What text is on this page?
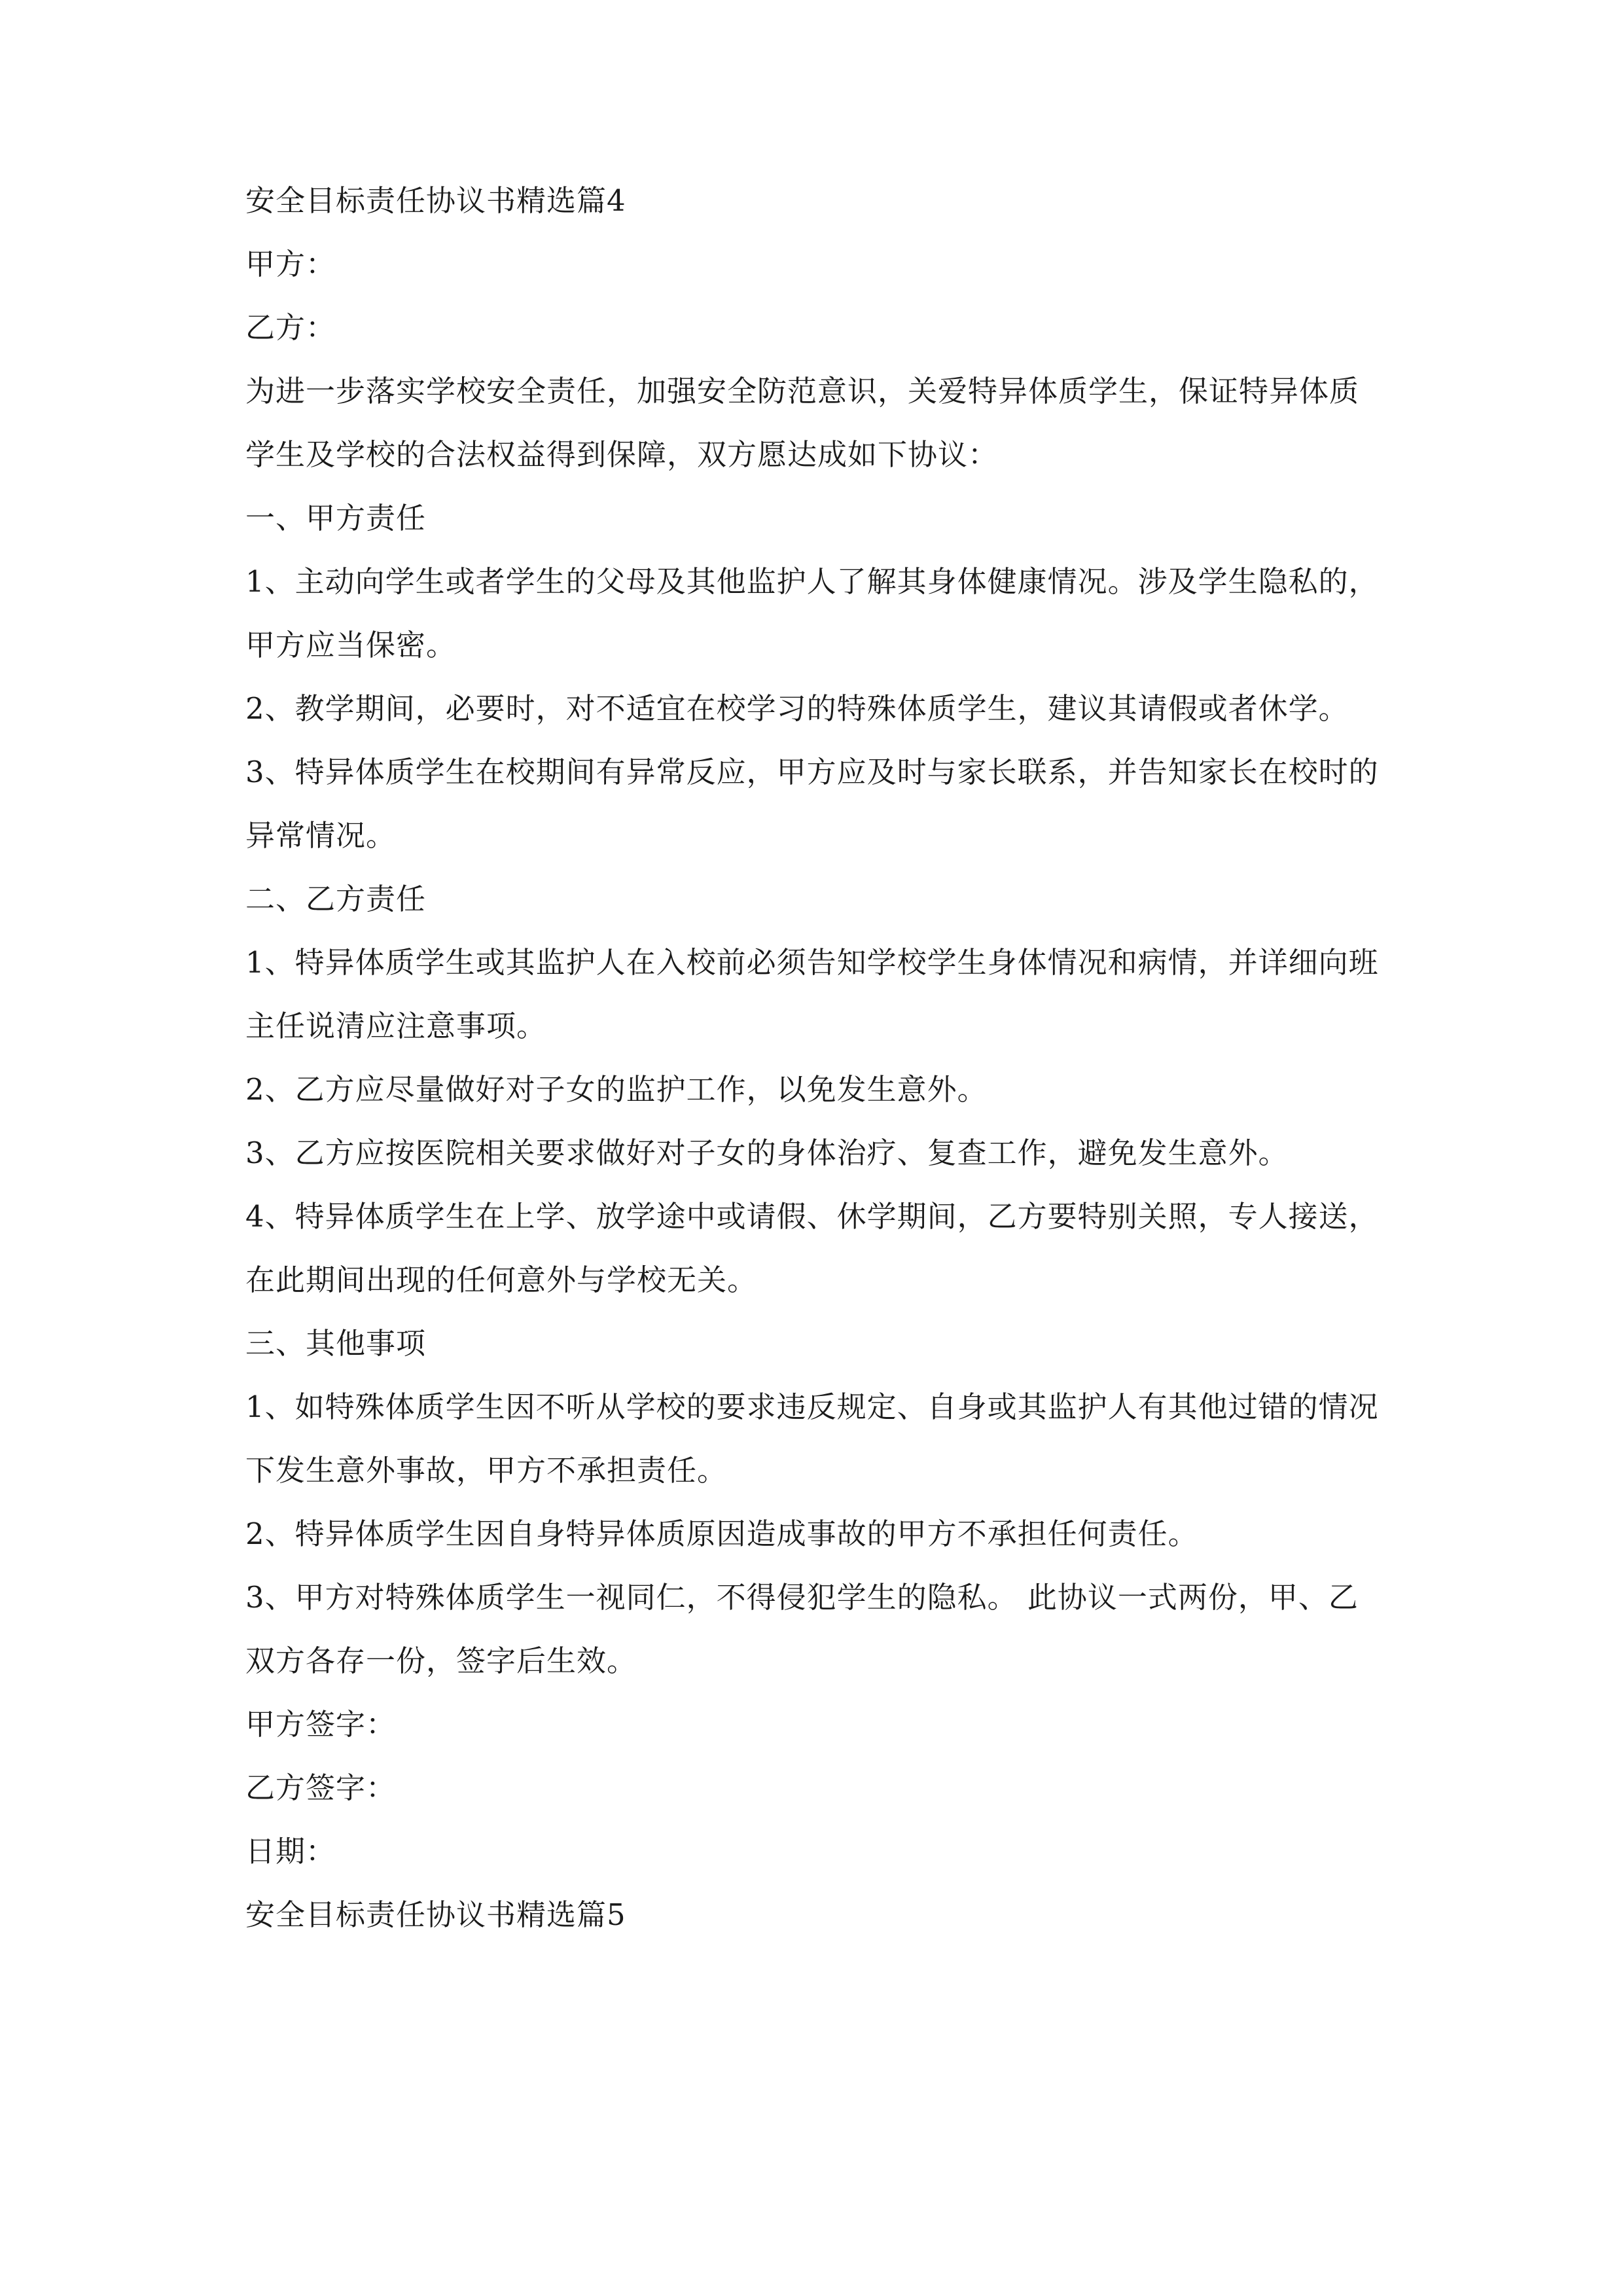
安全目标责任协议书精选篇4

甲方：

乙方：

为进一步落实学校安全责任，加强安全防范意识，关爱特异体质学生，保证特异体质学生及学校的合法权益得到保障，双方愿达成如下协议：

一、甲方责任

1、主动向学生或者学生的父母及其他监护人了解其身体健康情况。涉及学生隐私的，甲方应当保密。

2、教学期间，必要时，对不适宜在校学习的特殊体质学生，建议其请假或者休学。

3、特异体质学生在校期间有异常反应，甲方应及时与家长联系，并告知家长在校时的异常情况。

二、乙方责任

1、特异体质学生或其监护人在入校前必须告知学校学生身体情况和病情，并详细向班主任说清应注意事项。

2、乙方应尽量做好对子女的监护工作，以免发生意外。

3、乙方应按医院相关要求做好对子女的身体治疗、复查工作，避免发生意外。

4、特异体质学生在上学、放学途中或请假、休学期间，乙方要特别关照，专人接送，在此期间出现的任何意外与学校无关。

三、其他事项

1、如特殊体质学生因不听从学校的要求违反规定、自身或其监护人有其他过错的情况下发生意外事故，甲方不承担责任。

2、特异体质学生因自身特异体质原因造成事故的甲方不承担任何责任。

3、甲方对特殊体质学生一视同仁，不得侵犯学生的隐私。 此协议一式两份，甲、乙双方各存一份，签字后生效。

甲方签字：

乙方签字：

日期：

安全目标责任协议书精选篇5
